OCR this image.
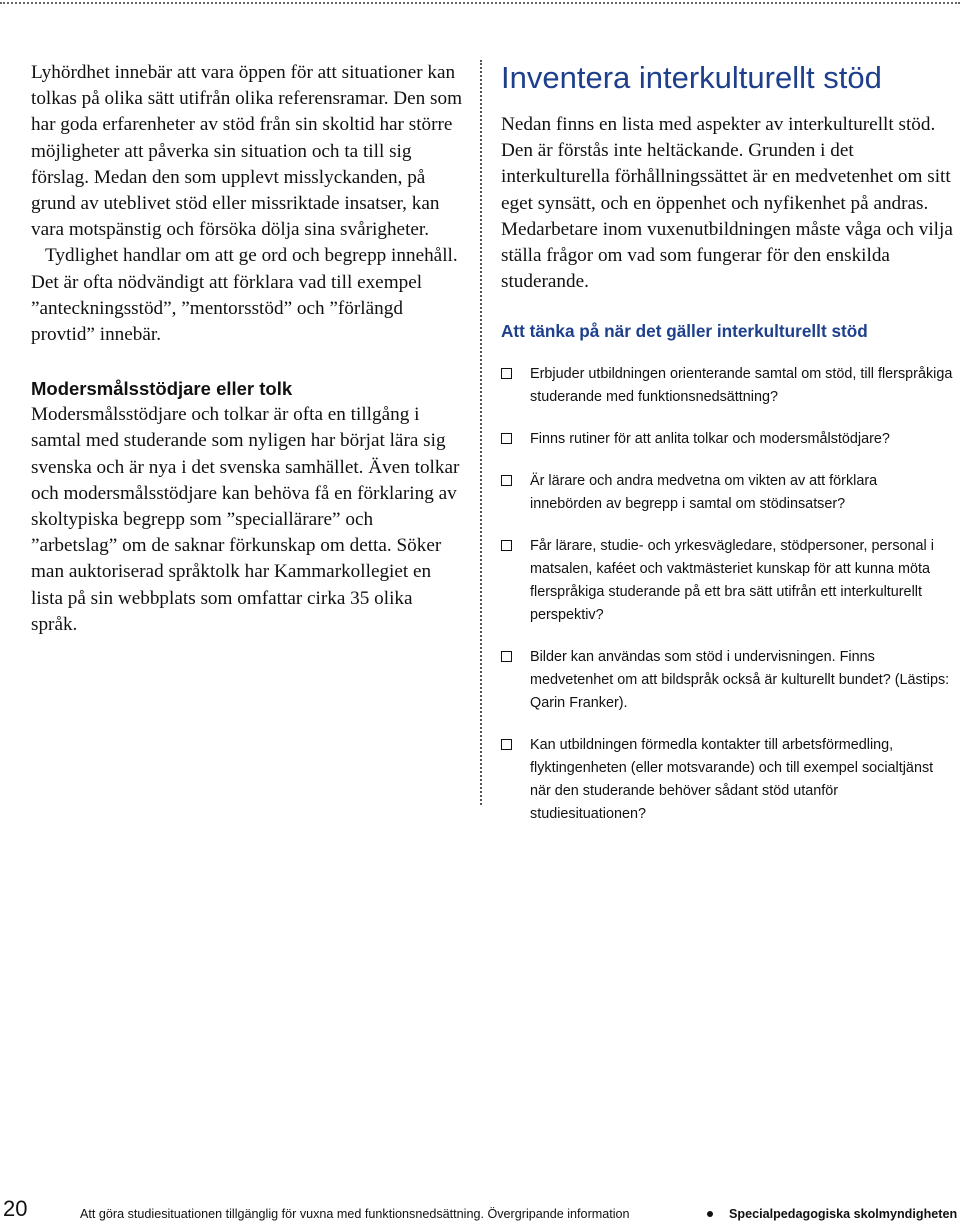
Lyhördhet innebär att vara öppen för att situationer kan tolkas på olika sätt utifrån olika referensramar. Den som har goda erfarenheter av stöd från sin skoltid har större möjligheter att påverka sin situation och ta till sig förslag. Medan den som upplevt misslyckanden, på grund av uteblivet stöd eller missriktade insatser, kan vara motspänstig och försöka dölja sina svårigheter.

Tydlighet handlar om att ge ord och begrepp innehåll. Det är ofta nödvändigt att förklara vad till exempel ”anteckningsstöd”, ”mentorsstöd” och ”förlängd provtid” innebär.

Modersmålsstödjare eller tolk

Modersmålsstödjare och tolkar är ofta en tillgång i samtal med studerande som nyligen har börjat lära sig svenska och är nya i det svenska samhället. Även tolkar och modersmålsstödjare kan behöva få en förklaring av skoltypiska begrepp som ”speciallärare” och ”arbetslag” om de saknar förkunskap om detta. Söker man auktoriserad språktolk har Kammarkollegiet en lista på sin webbplats som omfattar cirka 35 olika språk.

Inventera interkulturellt stöd

Nedan finns en lista med aspekter av interkulturellt stöd. Den är förstås inte heltäckande. Grunden i det interkulturella förhållningssättet är en medvetenhet om sitt eget synsätt, och en öppenhet och nyfikenhet på andras. Medarbetare inom vuxenutbildningen måste våga och vilja ställa frågor om vad som fungerar för den enskilda studerande.

Att tänka på när det gäller interkulturellt stöd
Erbjuder utbildningen orienterande samtal om stöd, till flerspråkiga studerande med funktionsnedsättning?
Finns rutiner för att anlita tolkar och modersmålstödjare?
Är lärare och andra medvetna om vikten av att förklara innebörden av begrepp i samtal om stödinsatser?
Får lärare, studie- och yrkesvägledare, stödpersoner, personal i matsalen, kaféet och vaktmästeriet kunskap för att kunna möta flerspråkiga studerande på ett bra sätt utifrån ett interkulturellt perspektiv?
Bilder kan användas som stöd i undervisningen. Finns medvetenhet om att bildspråk också är kulturellt bundet? (Lästips: Qarin Franker).
Kan utbildningen förmedla kontakter till arbetsförmedling, flyktingenheten (eller motsvarande) och till exempel socialtjänst när den studerande behöver sådant stöd utanför studiesituationen?
20	Att göra studiesituationen tillgänglig för vuxna med funktionsnedsättning. Övergripande information	Specialpedagogiska skolmyndigheten
